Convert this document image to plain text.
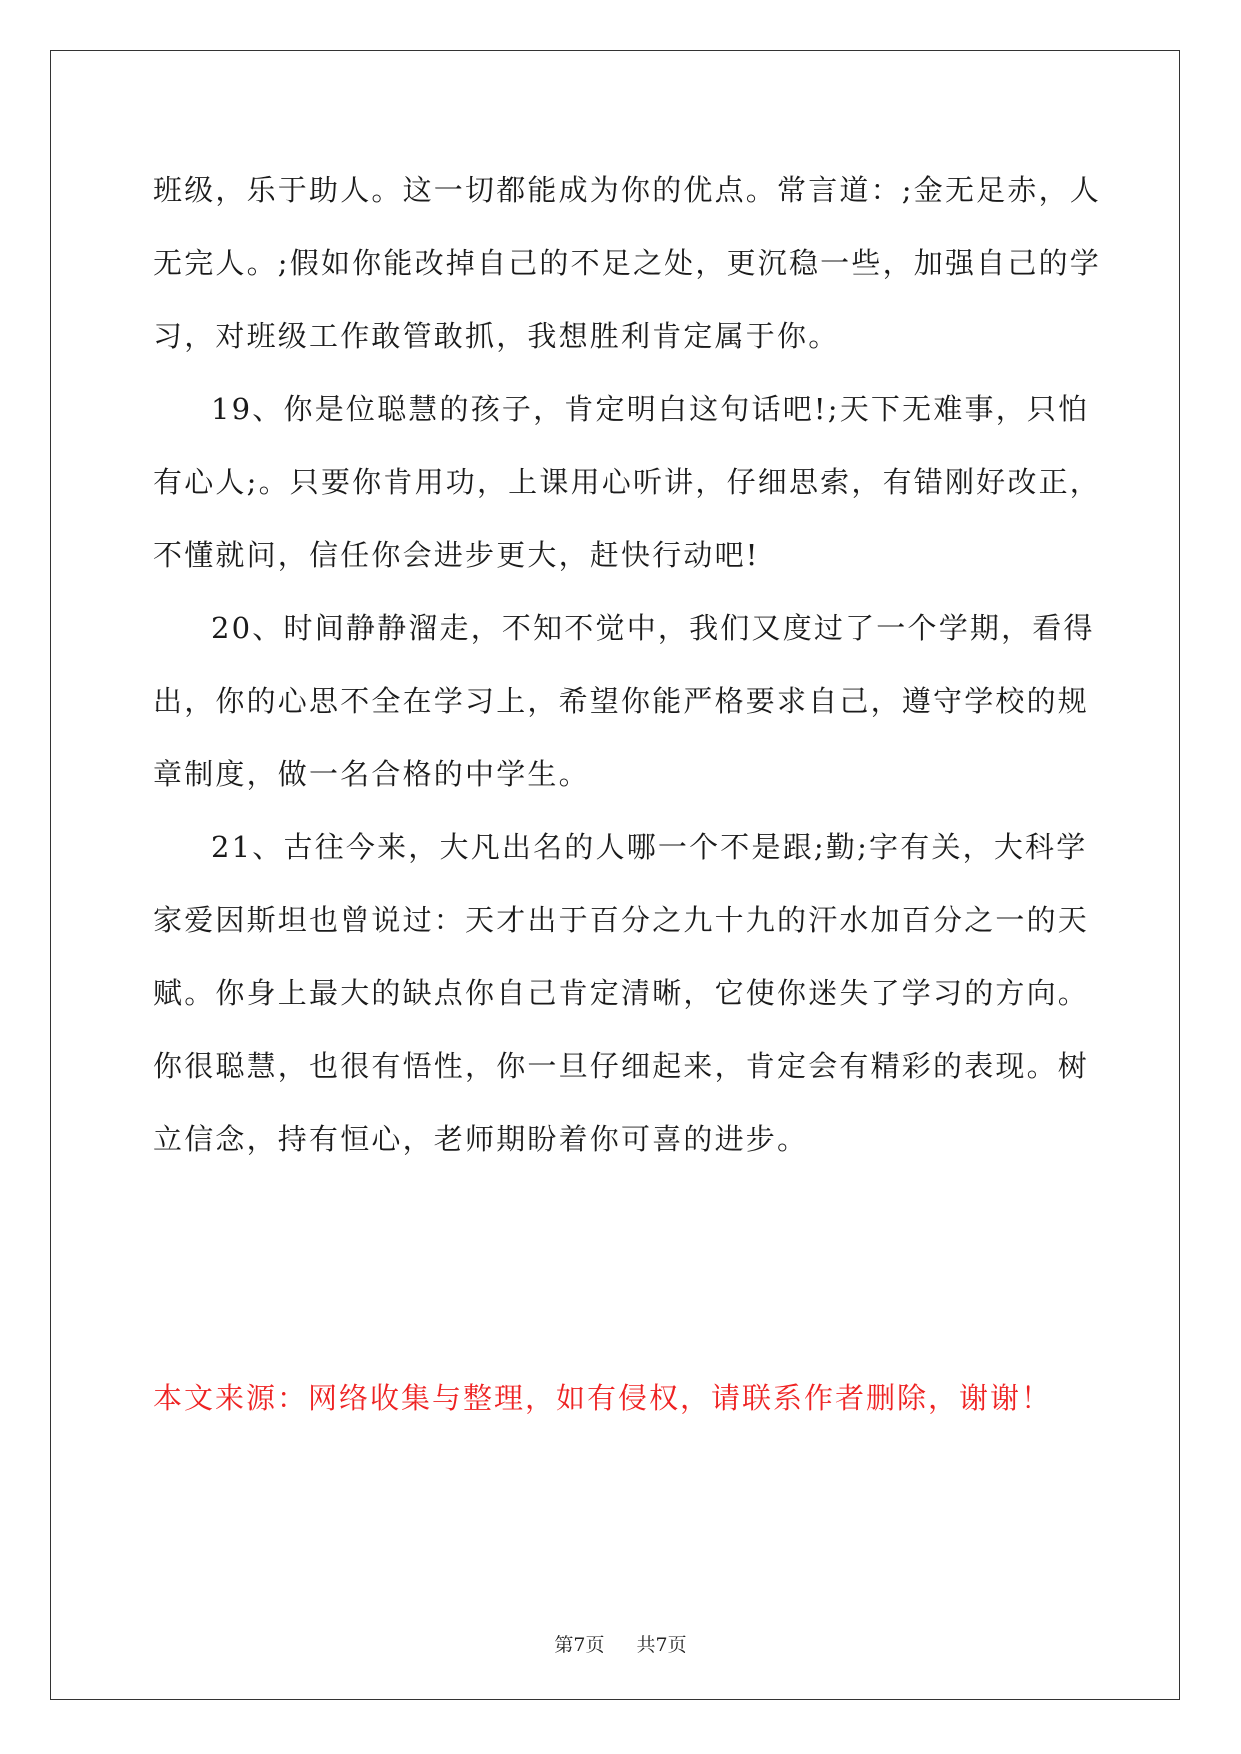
班级，乐于助人。这一切都能成为你的优点。常言道：;金无足赤，人
无完人。;假如你能改掉自己的不足之处，更沉稳一些，加强自己的学
习，对班级工作敢管敢抓，我想胜利肯定属于你。
19、你是位聪慧的孩子，肯定明白这句话吧!;天下无难事，只怕
有心人;。只要你肯用功，上课用心听讲，仔细思索，有错刚好改正，
不懂就问，信任你会进步更大，赶快行动吧!
20、时间静静溜走，不知不觉中，我们又度过了一个学期，看得
出，你的心思不全在学习上，希望你能严格要求自己，遵守学校的规
章制度，做一名合格的中学生。
21、古往今来，大凡出名的人哪一个不是跟;勤;字有关，大科学
家爱因斯坦也曾说过：天才出于百分之九十九的汗水加百分之一的天
赋。你身上最大的缺点你自己肯定清晰，它使你迷失了学习的方向。
你很聪慧，也很有悟性，你一旦仔细起来，肯定会有精彩的表现。树
立信念，持有恒心，老师期盼着你可喜的进步。
本文来源：网络收集与整理，如有侵权，请联系作者删除，谢谢！
第7页 共7页
